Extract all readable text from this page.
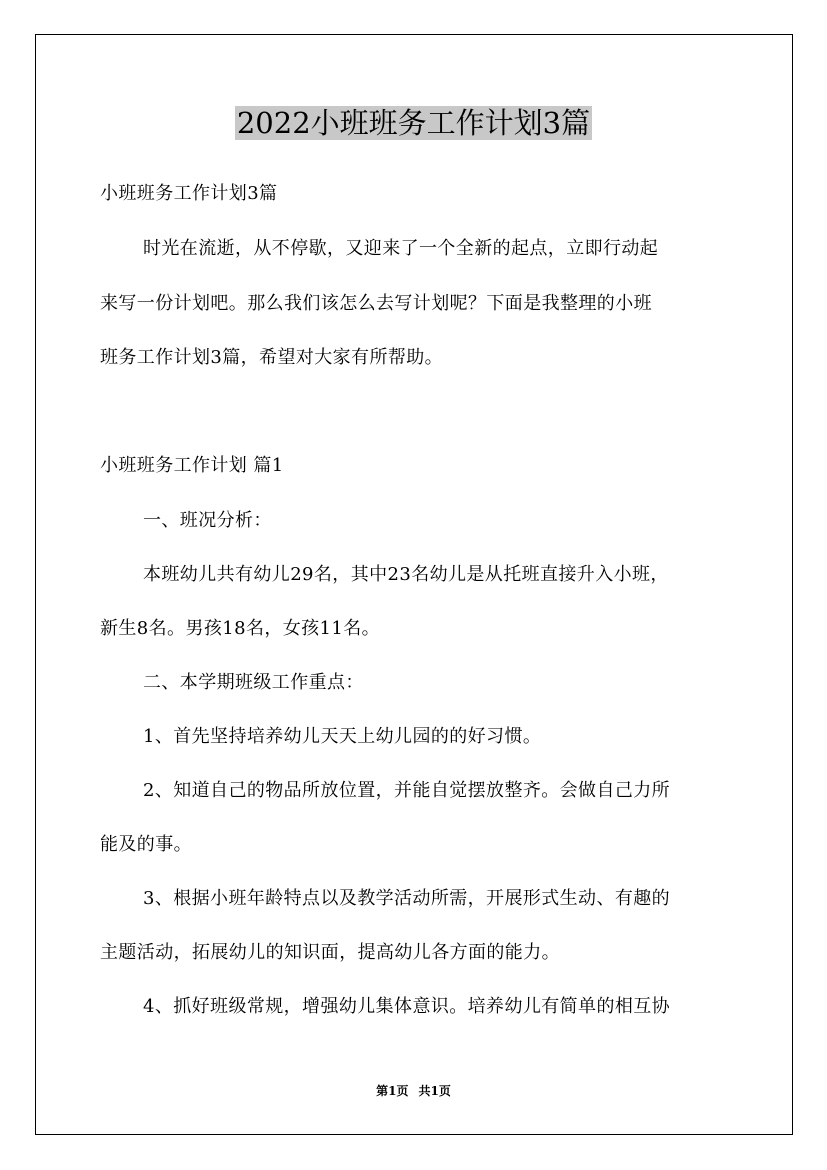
2022小班班务工作计划3篇
小班班务工作计划3篇
时光在流逝，从不停歇，又迎来了一个全新的起点，立即行动起
来写一份计划吧。那么我们该怎么去写计划呢？下面是我整理的小班
班务工作计划3篇，希望对大家有所帮助。
小班班务工作计划 篇1
一、班况分析：
本班幼儿共有幼儿29名，其中23名幼儿是从托班直接升入小班，
新生8名。男孩18名，女孩11名。
二、本学期班级工作重点：
1、首先坚持培养幼儿天天上幼儿园的的好习惯。
2、知道自己的物品所放位置，并能自觉摆放整齐。会做自己力所
能及的事。
3、根据小班年龄特点以及教学活动所需，开展形式生动、有趣的
主题活动，拓展幼儿的知识面，提高幼儿各方面的能力。
4、抓好班级常规，增强幼儿集体意识。培养幼儿有简单的相互协
第1页 共1页
